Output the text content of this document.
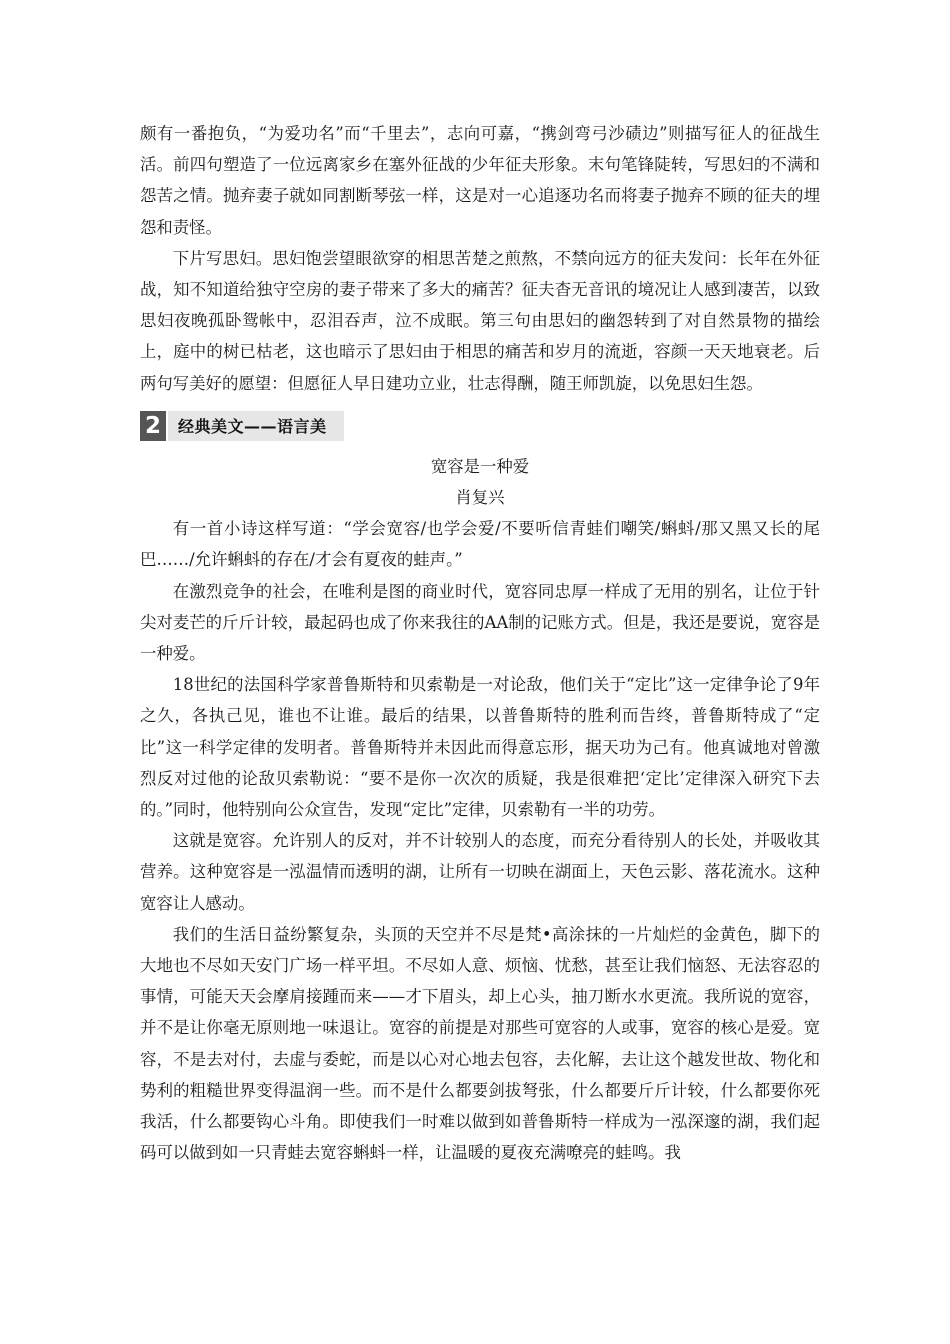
颇有一番抱负，“为爱功名”而“千里去”，志向可嘉，“携剑弯弓沙碛边”则描写征人的征战生活。前四句塑造了一位远离家乡在塞外征战的少年征夫形象。末句笔锋陡转，写思妇的不满和怨苦之情。抛弃妻子就如同割断琴弦一样，这是对一心追逐功名而将妻子抛弃不顾的征夫的埋怨和责怪。

下片写思妇。思妇饱尝望眼欲穿的相思苦楚之煎熬，不禁向远方的征夫发问：长年在外征战，知不知道给独守空房的妻子带来了多大的痛苦？征夫杳无音讯的境况让人感到凄苦，以致思妇夜晚孤卧鸳帐中，忍泪吞声，泣不成眠。第三句由思妇的幽怨转到了对自然景物的描绘上，庭中的树已枯老，这也暗示了思妇由于相思的痛苦和岁月的流逝，容颜一天天地衰老。后两句写美好的愿望：但愿征人早日建功立业，壮志得酬，随王师凯旋，以免思妇生怨。

2	经典美文——语言美
宽容是一种爱
肖复兴

有一首小诗这样写道：“学会宽容/也学会爱/不要听信青蛙们嘲笑/蝌蚪/那又黑又长的尾巴……/允许蝌蚪的存在/才会有夏夜的蛙声。”

在激烈竞争的社会，在唯利是图的商业时代，宽容同忠厚一样成了无用的别名，让位于针尖对麦芒的斤斤计较，最起码也成了你来我往的AA制的记账方式。但是，我还是要说，宽容是一种爱。

18世纪的法国科学家普鲁斯特和贝索勒是一对论敌，他们关于“定比”这一定律争论了9年之久，各执己见，谁也不让谁。最后的结果，以普鲁斯特的胜利而告终，普鲁斯特成了“定比”这一科学定律的发明者。普鲁斯特并未因此而得意忘形，据天功为己有。他真诚地对曾激烈反对过他的论敌贝索勒说：“要不是你一次次的质疑，我是很难把‘定比’定律深入研究下去的。”同时，他特别向公众宣告，发现“定比”定律，贝索勒有一半的功劳。

这就是宽容。允许别人的反对，并不计较别人的态度，而充分看待别人的长处，并吸收其营养。这种宽容是一泓温情而透明的湖，让所有一切映在湖面上，天色云影、落花流水。这种宽容让人感动。

我们的生活日益纷繁复杂，头顶的天空并不尽是梵•高涂抹的一片灿烂的金黄色，脚下的大地也不尽如天安门广场一样平坦。不尽如人意、烦恼、忧愁，甚至让我们恼怒、无法容忍的事情，可能天天会摩肩接踵而来——才下眉头，却上心头，抽刀断水水更流。我所说的宽容，并不是让你毫无原则地一味退让。宽容的前提是对那些可宽容的人或事，宽容的核心是爱。宽容，不是去对付，去虚与委蛇，而是以心对心地去包容，去化解，去让这个越发世故、物化和势利的粗糙世界变得温润一些。而不是什么都要剑拔弩张，什么都要斤斤计较，什么都要你死我活，什么都要钩心斗角。即使我们一时难以做到如普鲁斯特一样成为一泓深邃的湖，我们起码可以做到如一只青蛙去宽容蝌蚪一样，让温暖的夏夜充满嘹亮的蛙鸣。我
